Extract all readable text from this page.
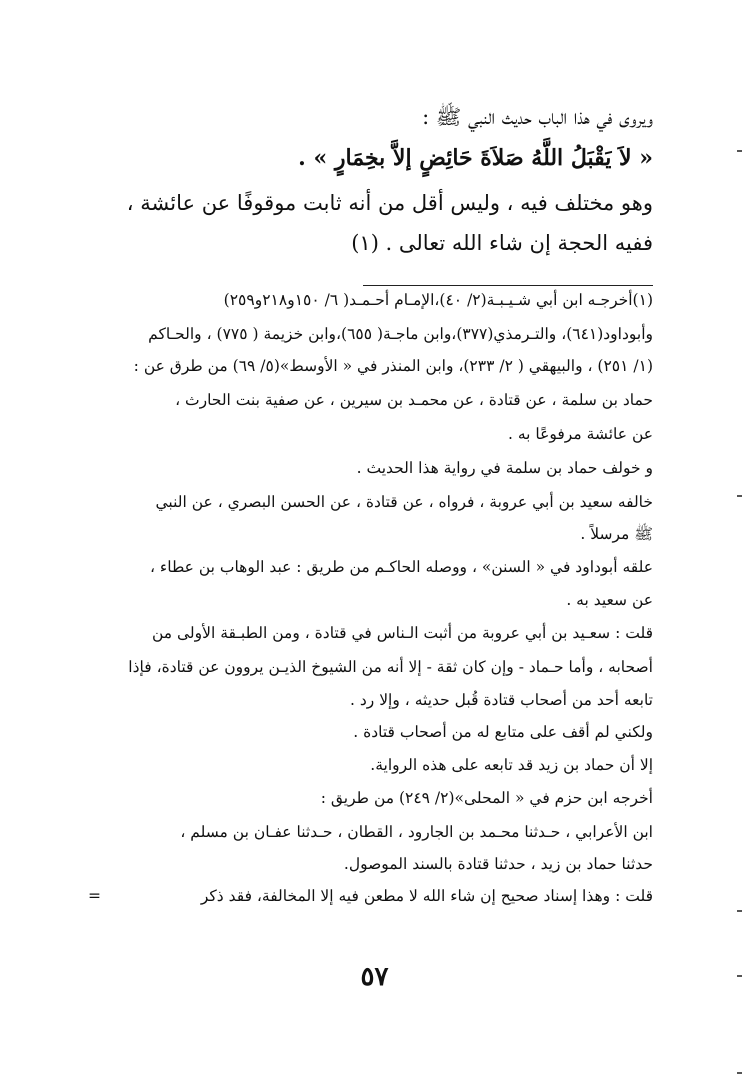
ويروى في هذا الباب حديث النبي ﷺ :
« لاَ يَقْبَلُ اللَّهُ صَلاَةَ حَائِضٍ إلاَّ بخِمَارٍ » .
وهو مختلف فيه ، وليس أقل من أنه ثابت موقوفًا عن عائشة ،
ففيه الحجة إن شاء الله تعالى . (١)
(١)أخرجـه ابن أبي شـيـبـة(٢/ ٤٠)،الإمـام أحـمـد( ٦/ ١٥٠و٢١٨و٢٥٩)
وأبوداود(٦٤١)، والتـرمذي(٣٧٧)،وابن ماجـة( ٦٥٥)،وابن خزيمة ( ٧٧٥) ، والحـاكم
(١/ ٢٥١) ، والبيهقي ( ٢/ ٢٣٣)، وابن المنذر في « الأوسط»(٥/ ٦٩) من طرق عن :
حماد بن سلمة ، عن قتادة ، عن محمـد بن سيرين ، عن صفية بنت الحارث ،
عن عائشة مرفوعًا به .
و خولف حماد بن سلمة في رواية هذا الحديث .
خالفه سعيد بن أبي عروبة ، فرواه ، عن قتادة ، عن الحسن البصري ، عن النبي
ﷺ مرسلاً .
علقه أبوداود في « السنن» ، ووصله الحاكـم من طريق : عبد الوهاب بن عطاء ،
عن سعيد به .
قلت : سعـيد بن أبي عروبة من أثبت الـناس في قتادة ، ومن الطبـقة الأولى من
أصحابه ، وأما حـماد - وإن كان ثقة - إلا أنه من الشيوخ الذيـن يروون عن قتادة، فإذا
تابعه أحد من أصحاب قتادة قُبل حديثه ، وإلا رد .
ولكني لم أقف على متابع له من أصحاب قتادة .
إلا أن حماد بن زيد قد تابعه على هذه الرواية.
أخرجه ابن حزم في « المحلى»(٢/ ٢٤٩) من طريق :
ابن الأعرابي ، حـدثنا محـمد بن الجارود ، القطان ، حـدثنا عفـان بن مسلم ،
حدثنا حماد بن زيد ، حدثنا قتادة بالسند الموصول.
قلت : وهذا إسناد صحيح إن شاء الله لا مطعن فيه إلا المخالفة، فقد ذكر
=
٥٧
